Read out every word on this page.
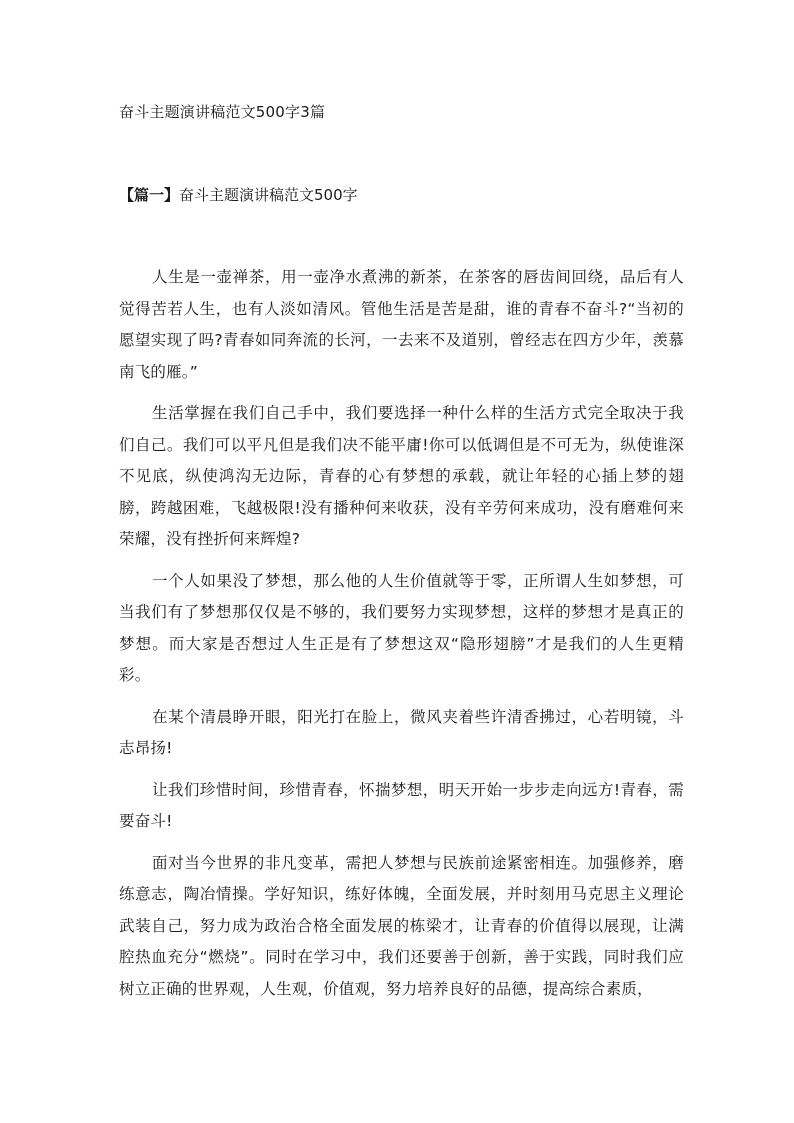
奋斗主题演讲稿范文500字3篇
【篇一】奋斗主题演讲稿范文500字

人生是一壶禅茶，用一壶净水煮沸的新茶，在茶客的唇齿间回绕，品后有人觉得苦若人生，也有人淡如清风。管他生活是苦是甜，谁的青春不奋斗?“当初的愿望实现了吗?青春如同奔流的长河，一去来不及道别，曾经志在四方少年，羡慕南飞的雁。”

生活掌握在我们自己手中，我们要选择一种什么样的生活方式完全取决于我们自己。我们可以平凡但是我们决不能平庸!你可以低调但是不可无为，纵使谁深不见底，纵使鸿沟无边际，青春的心有梦想的承载，就让年轻的心插上梦的翅膀，跨越困难，飞越极限!没有播种何来收获，没有辛劳何来成功，没有磨难何来荣耀，没有挫折何来辉煌?

一个人如果没了梦想，那么他的人生价值就等于零，正所谓人生如梦想，可当我们有了梦想那仅仅是不够的，我们要努力实现梦想，这样的梦想才是真正的梦想。而大家是否想过人生正是有了梦想这双“隐形翅膀”才是我们的人生更精彩。

在某个清晨睁开眼，阳光打在脸上，微风夹着些许清香拂过，心若明镜，斗志昂扬!

让我们珍惜时间，珍惜青春，怀揣梦想，明天开始一步步走向远方!青春，需要奋斗!

面对当今世界的非凡变革，需把人梦想与民族前途紧密相连。加强修养，磨练意志，陶冶情操。学好知识，练好体魄，全面发展，并时刻用马克思主义理论武装自己，努力成为政治合格全面发展的栋梁才，让青春的价值得以展现，让满腔热血充分“燃烧”。同时在学习中，我们还要善于创新，善于实践，同时我们应树立正确的世界观，人生观，价值观，努力培养良好的品德，提高综合素质，
